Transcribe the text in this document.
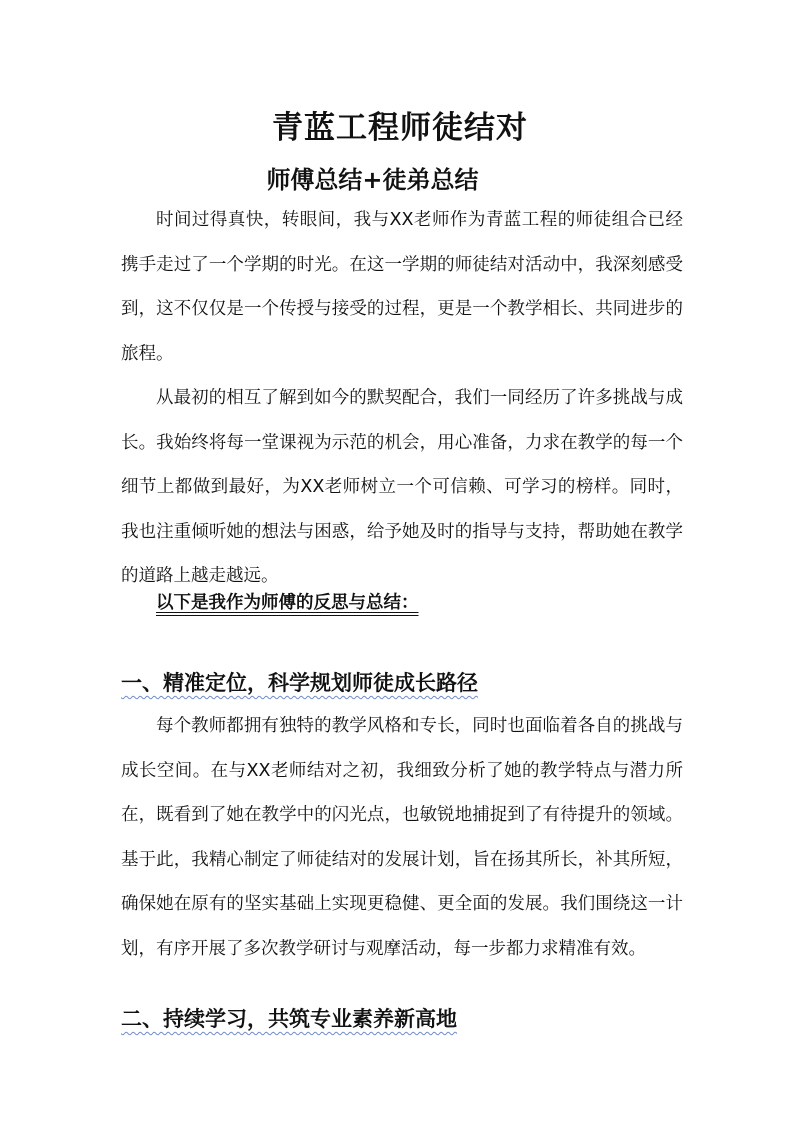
青蓝工程师徒结对
师傅总结+徒弟总结

时间过得真快，转眼间，我与XX老师作为青蓝工程的师徒组合已经携手走过了一个学期的时光。在这一学期的师徒结对活动中，我深刻感受到，这不仅仅是一个传授与接受的过程，更是一个教学相长、共同进步的旅程。

从最初的相互了解到如今的默契配合，我们一同经历了许多挑战与成长。我始终将每一堂课视为示范的机会，用心准备，力求在教学的每一个细节上都做到最好，为XX老师树立一个可信赖、可学习的榜样。同时，我也注重倾听她的想法与困惑，给予她及时的指导与支持，帮助她在教学的道路上越走越远。

以下是我作为师傅的反思与总结：
一、精准定位，科学规划师徒成长路径

每个教师都拥有独特的教学风格和专长，同时也面临着各自的挑战与成长空间。在与XX老师结对之初，我细致分析了她的教学特点与潜力所在，既看到了她在教学中的闪光点，也敏锐地捕捉到了有待提升的领域。基于此，我精心制定了师徒结对的发展计划，旨在扬其所长，补其所短，确保她在原有的坚实基础上实现更稳健、更全面的发展。我们围绕这一计划，有序开展了多次教学研讨与观摩活动，每一步都力求精准有效。

二、持续学习，共筑专业素养新高地
